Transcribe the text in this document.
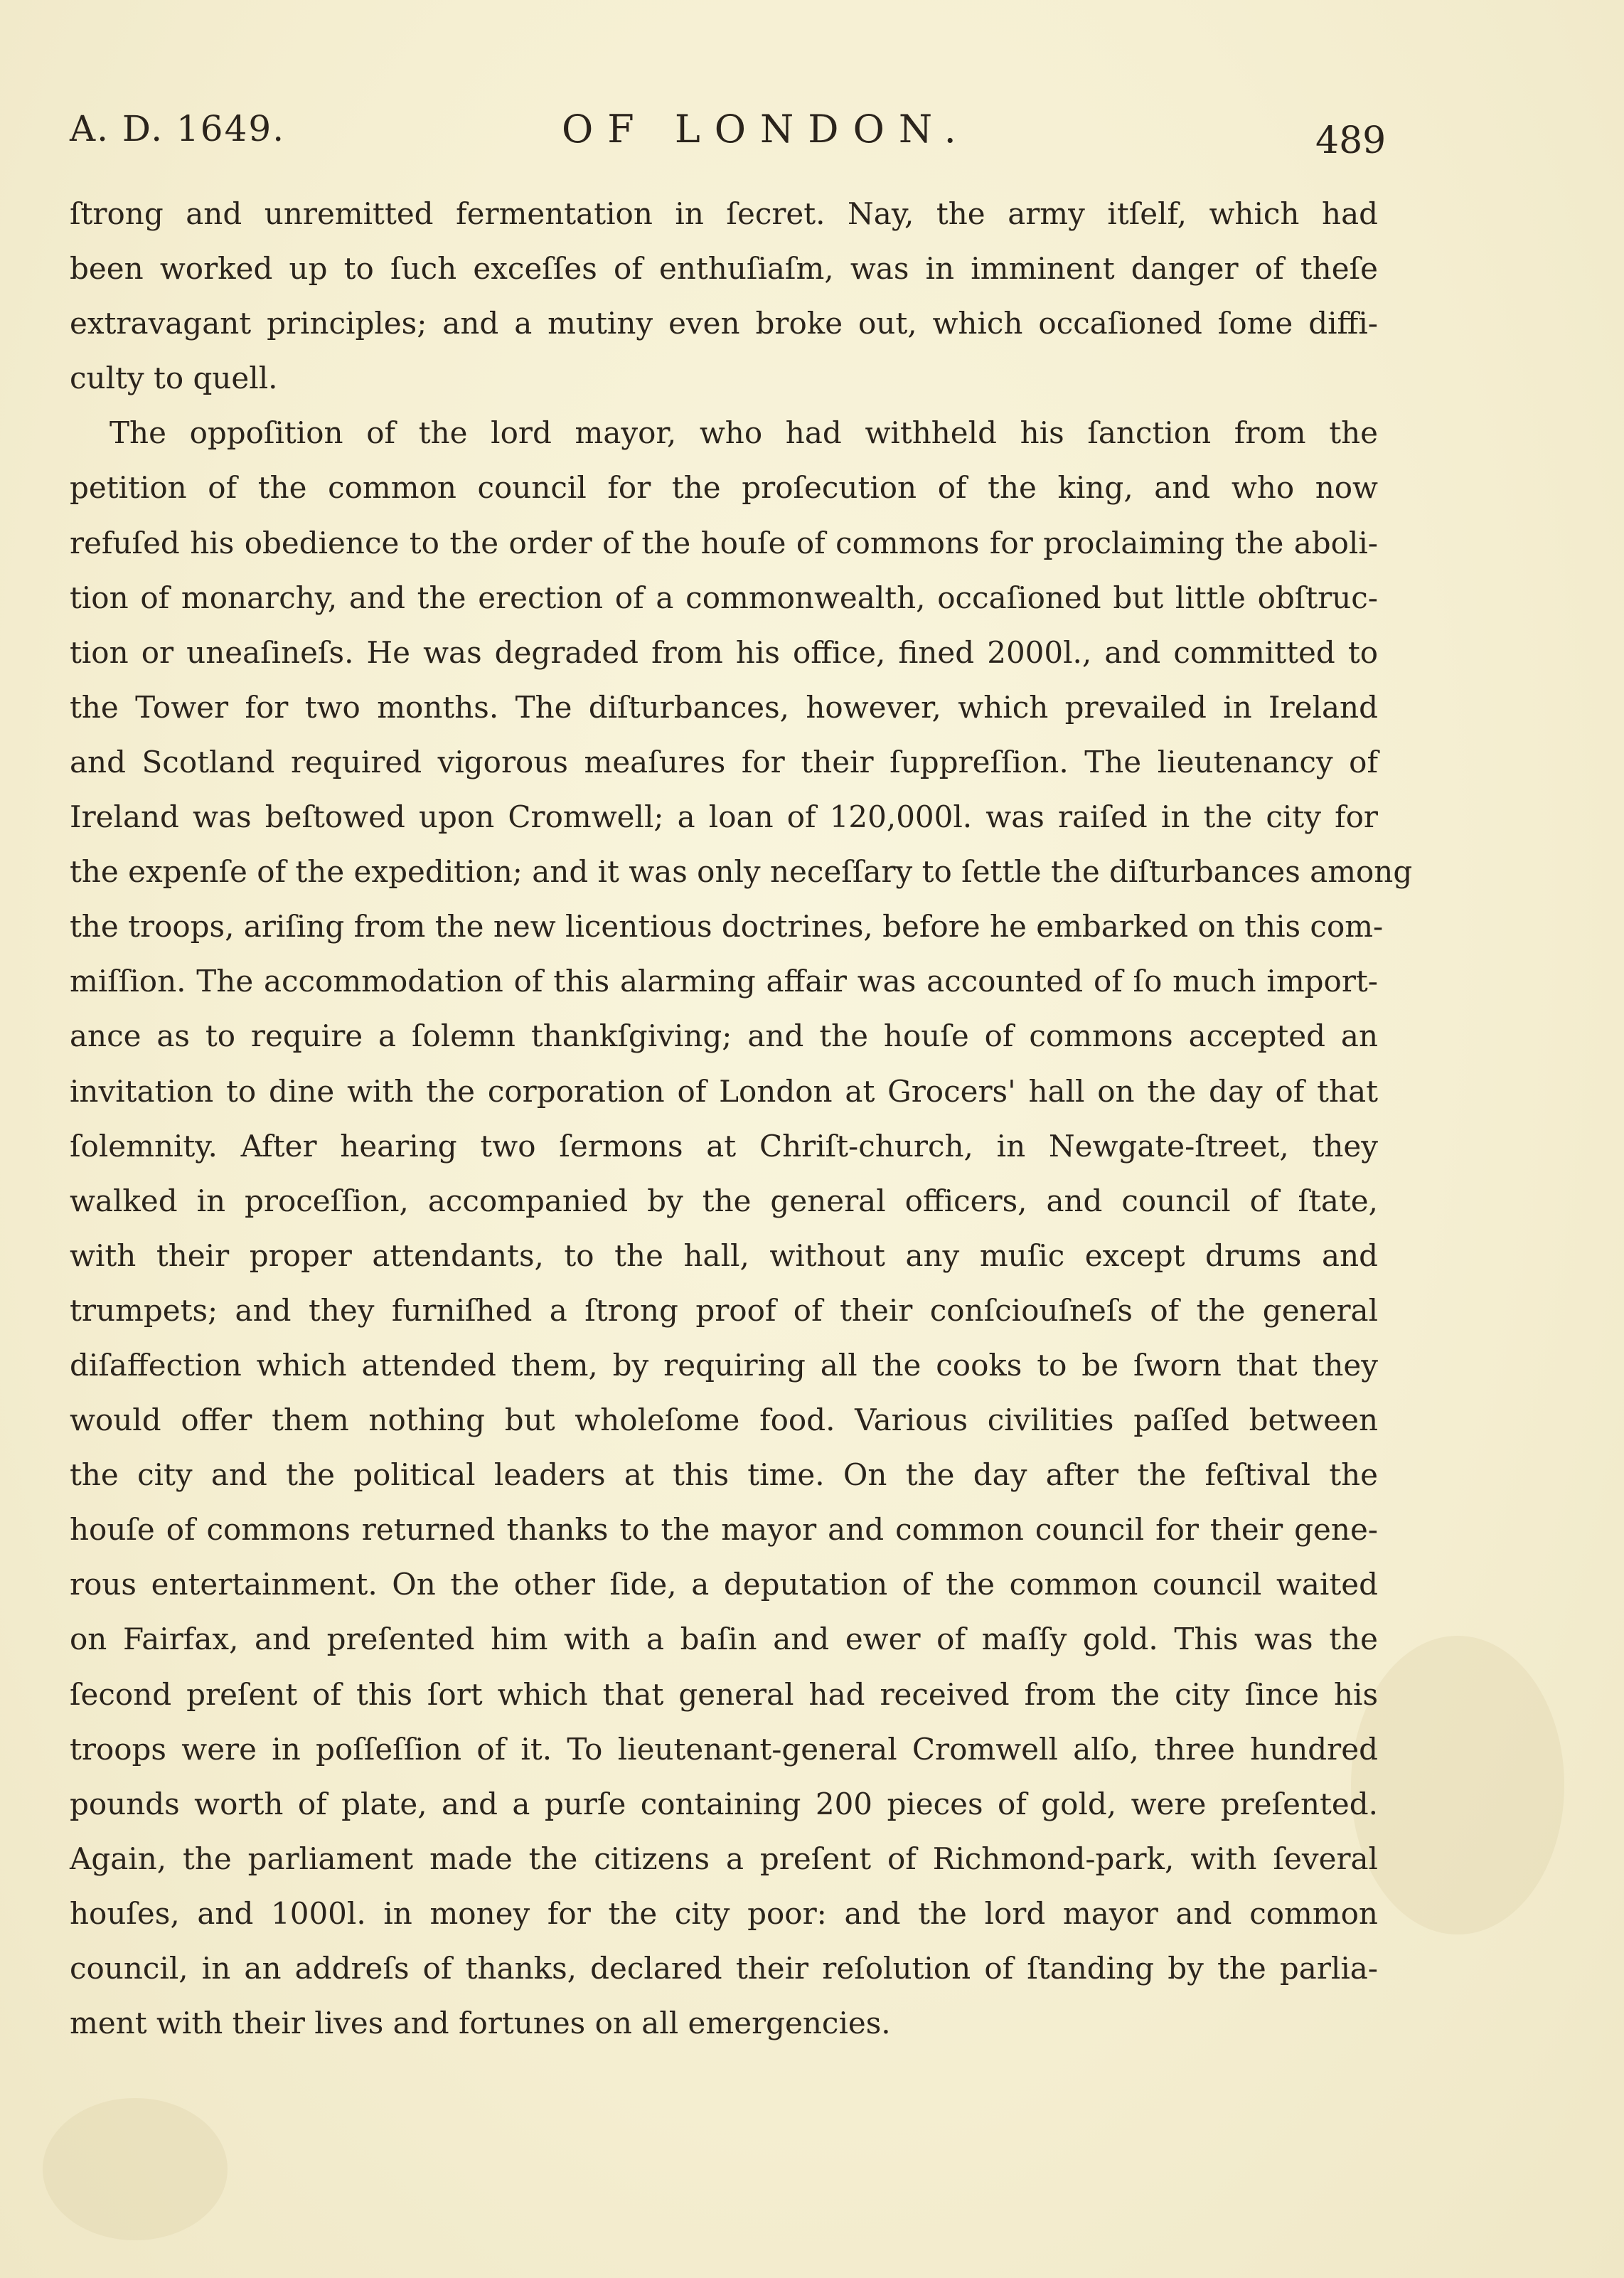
A. D. 1649.	OF LONDON.	489
ſtrong and unremitted fermentation in ſecret. Nay, the army itſelf, which had
been worked up to ſuch exceſſes of enthuſiaſm, was in imminent danger of theſe
extravagant principles; and a mutiny even broke out, which occaſioned ſome diffi-
culty to quell.
The oppoſition of the lord mayor, who had withheld his ſanction from the
petition of the common council for the proſecution of the king, and who now
refuſed his obedience to the order of the houſe of commons for proclaiming the aboli-
tion of monarchy, and the erection of a commonwealth, occaſioned but little obſtruc-
tion or uneaſineſs. He was degraded from his office, fined 2000l., and committed to
the Tower for two months. The diſturbances, however, which prevailed in Ireland
and Scotland required vigorous meaſures for their ſuppreſſion. The lieutenancy of
Ireland was beſtowed upon Cromwell; a loan of 120,000l. was raiſed in the city for
the expenſe of the expedition; and it was only neceſſary to ſettle the diſturbances among
the troops, ariſing from the new licentious doctrines, before he embarked on this com-
miſſion. The accommodation of this alarming affair was accounted of ſo much import-
ance as to require a ſolemn thankſgiving; and the houſe of commons accepted an
invitation to dine with the corporation of London at Grocers' hall on the day of that
ſolemnity. After hearing two ſermons at Chriſt-church, in Newgate-ſtreet, they
walked in proceſſion, accompanied by the general officers, and council of ſtate,
with their proper attendants, to the hall, without any muſic except drums and
trumpets; and they furniſhed a ſtrong proof of their conſciouſneſs of the general
diſaffection which attended them, by requiring all the cooks to be ſworn that they
would offer them nothing but wholeſome food. Various civilities paſſed between
the city and the political leaders at this time. On the day after the feſtival the
houſe of commons returned thanks to the mayor and common council for their gene-
rous entertainment. On the other ſide, a deputation of the common council waited
on Fairfax, and preſented him with a baſin and ewer of maſſy gold. This was the
ſecond preſent of this ſort which that general had received from the city ſince his
troops were in poſſeſſion of it. To lieutenant-general Cromwell alſo, three hundred
pounds worth of plate, and a purſe containing 200 pieces of gold, were preſented.
Again, the parliament made the citizens a preſent of Richmond-park, with ſeveral
houſes, and 1000l. in money for the city poor: and the lord mayor and common
council, in an addreſs of thanks, declared their reſolution of ſtanding by the parlia-
ment with their lives and fortunes on all emergencies.
